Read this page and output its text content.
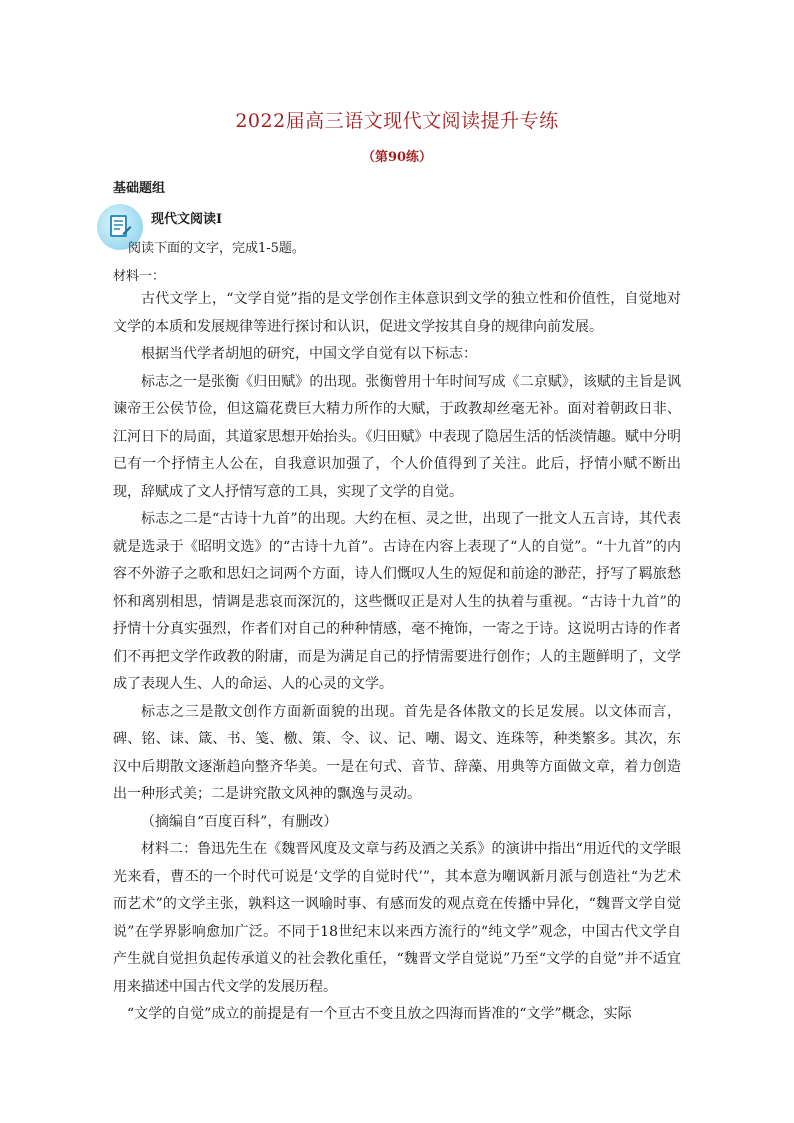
2022届高三语文现代文阅读提升专练
（第90练）
基础题组
现代文阅读Ⅰ
阅读下面的文字，完成1-5题。
材料一：

古代文学上，“文学自觉”指的是文学创作主体意识到文学的独立性和价值性，自觉地对文学的本质和发展规律等进行探讨和认识，促进文学按其自身的规律向前发展。

根据当代学者胡旭的研究，中国文学自觉有以下标志：

标志之一是张衡《归田赋》的出现。张衡曾用十年时间写成《二京赋》，该赋的主旨是讽谏帝王公侯节俭，但这篇花费巨大精力所作的大赋，于政教却丝毫无补。面对着朝政日非、江河日下的局面，其道家思想开始抬头。《归田赋》中表现了隐居生活的恬淡情趣。赋中分明已有一个抒情主人公在，自我意识加强了，个人价值得到了关注。此后，抒情小赋不断出现，辞赋成了文人抒情写意的工具，实现了文学的自觉。

标志之二是“古诗十九首”的出现。大约在桓、灵之世，出现了一批文人五言诗，其代表就是选录于《昭明文选》的“古诗十九首”。古诗在内容上表现了“人的自觉”。“十九首”的内容不外游子之歌和思妇之词两个方面，诗人们慨叹人生的短促和前途的渺茫，抒写了羁旅愁怀和离别相思，情调是悲哀而深沉的，这些慨叹正是对人生的执着与重视。“古诗十九首”的抒情十分真实强烈，作者们对自己的种种情感，毫不掩饰，一寄之于诗。这说明古诗的作者们不再把文学作政教的附庸，而是为满足自己的抒情需要进行创作；人的主题鲜明了，文学成了表现人生、人的命运、人的心灵的文学。

标志之三是散文创作方面新面貌的出现。首先是各体散文的长足发展。以文体而言，碑、铭、诔、箴、书、笺、檄、策、令、议、记、嘲、谒文、连珠等，种类繁多。其次，东汉中后期散文逐渐趋向整齐华美。一是在句式、音节、辞藻、用典等方面做文章，着力创造出一种形式美；二是讲究散文风神的飘逸与灵动。

（摘编自“百度百科”，有删改）

材料二：鲁迅先生在《魏晋风度及文章与药及酒之关系》的演讲中指出“用近代的文学眼光来看，曹丕的一个时代可说是‘文学的自觉时代’”，其本意为嘲讽新月派与创造社“为艺术而艺术”的文学主张，孰料这一讽喻时事、有感而发的观点竟在传播中异化，“魏晋文学自觉说”在学界影响愈加广泛。不同于18世纪末以来西方流行的“纯文学”观念，中国古代文学自产生就自觉担负起传承道义的社会教化重任，“魏晋文学自觉说”乃至“文学的自觉”并不适宜用来描述中国古代文学的发展历程。

“文学的自觉”成立的前提是有一个亘古不变且放之四海而皆准的“文学”概念，实际
